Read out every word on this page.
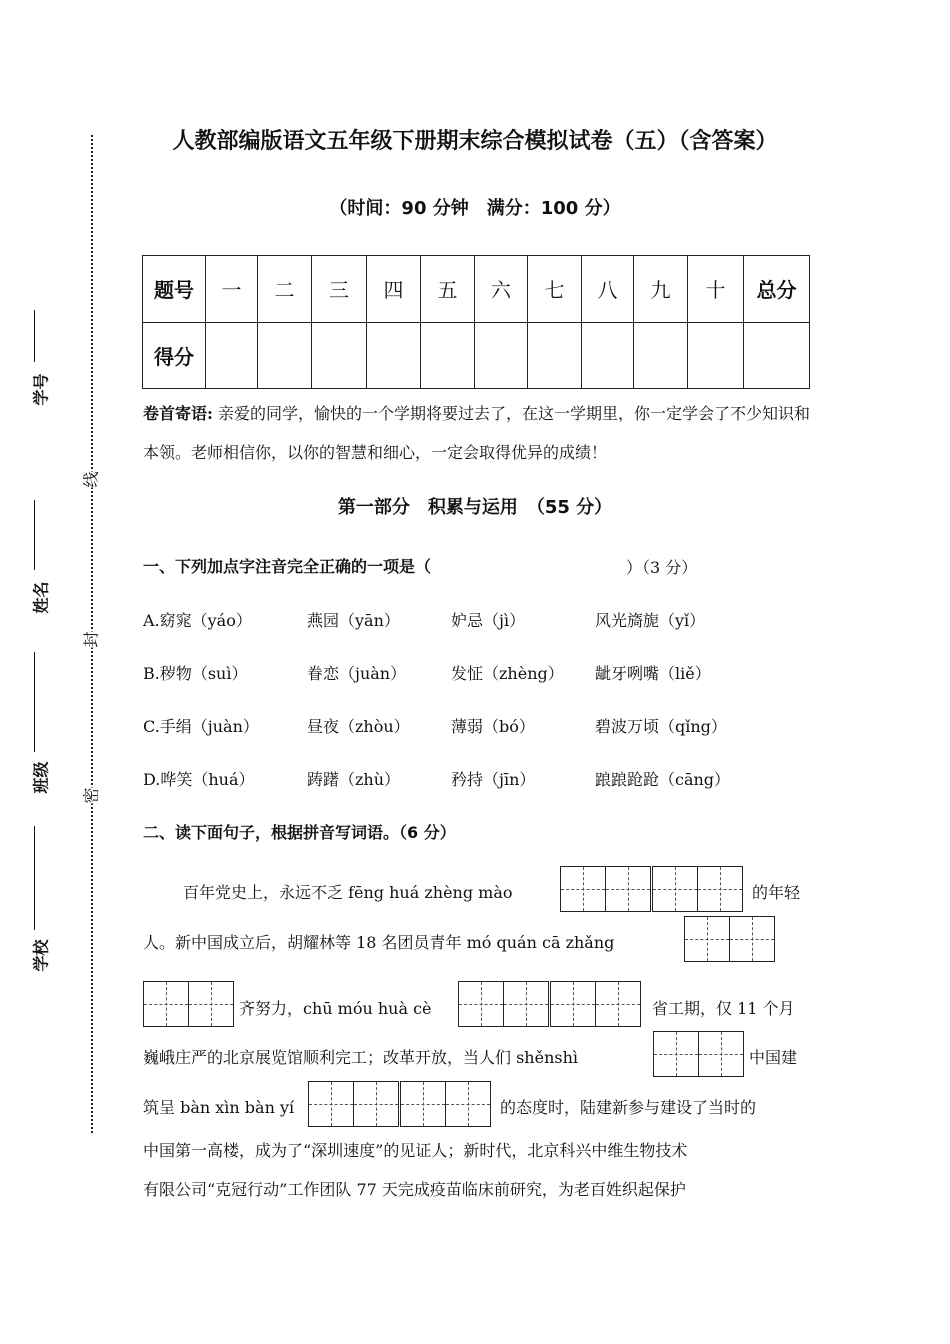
学号
姓名
班级
学校
线
封
密
人教部编版语文五年级下册期末综合模拟试卷（五）（含答案）
（时间：90 分钟　满分：100 分）
题号	一	二	三	四	五	六	七	八	九	十	总分
得分											
卷首寄语: 亲爱的同学，愉快的一个学期将要过去了，在这一学期里，你一定学会了不少知识和本领。老师相信你，以你的智慧和细心，一定会取得优异的成绩！
第一部分　积累与运用　（55 分）
一、下列加点字注音完全正确的一项是（	）（3 分）
A.窈窕（yáo）	燕园（yān）	妒忌（jì）	风光旖旎（yǐ）
B.秽物（suì）	眷恋（juàn）	发怔（zhèng） 龇牙咧嘴（liě）
C.手绢（juàn）	昼夜（zhòu）	薄弱（bó）	碧波万顷（qǐng）
D.哗笑（huá）	踌躇（zhù）	矜持（jīn）	踉踉跄跄（cāng）
二、读下面句子，根据拼音写词语。（6 分）
百年党史上，永远不乏 fēng huá zhèng mào	的年轻
人。新中国成立后，胡耀林等 18 名团员青年 mó quán cā zhǎng
齐努力，chū móu huà cè	省工期，仅 11 个月
巍峨庄严的北京展览馆顺利完工；改革开放，当人们 shěnshì	中国建
筑呈 bàn xìn bàn yí	的态度时，陆建新参与建设了当时的
中国第一高楼，成为了“深圳速度”的见证人；新时代，北京科兴中维生物技术
有限公司“克冠行动”工作团队 77 天完成疫苗临床前研究，为老百姓织起保护
